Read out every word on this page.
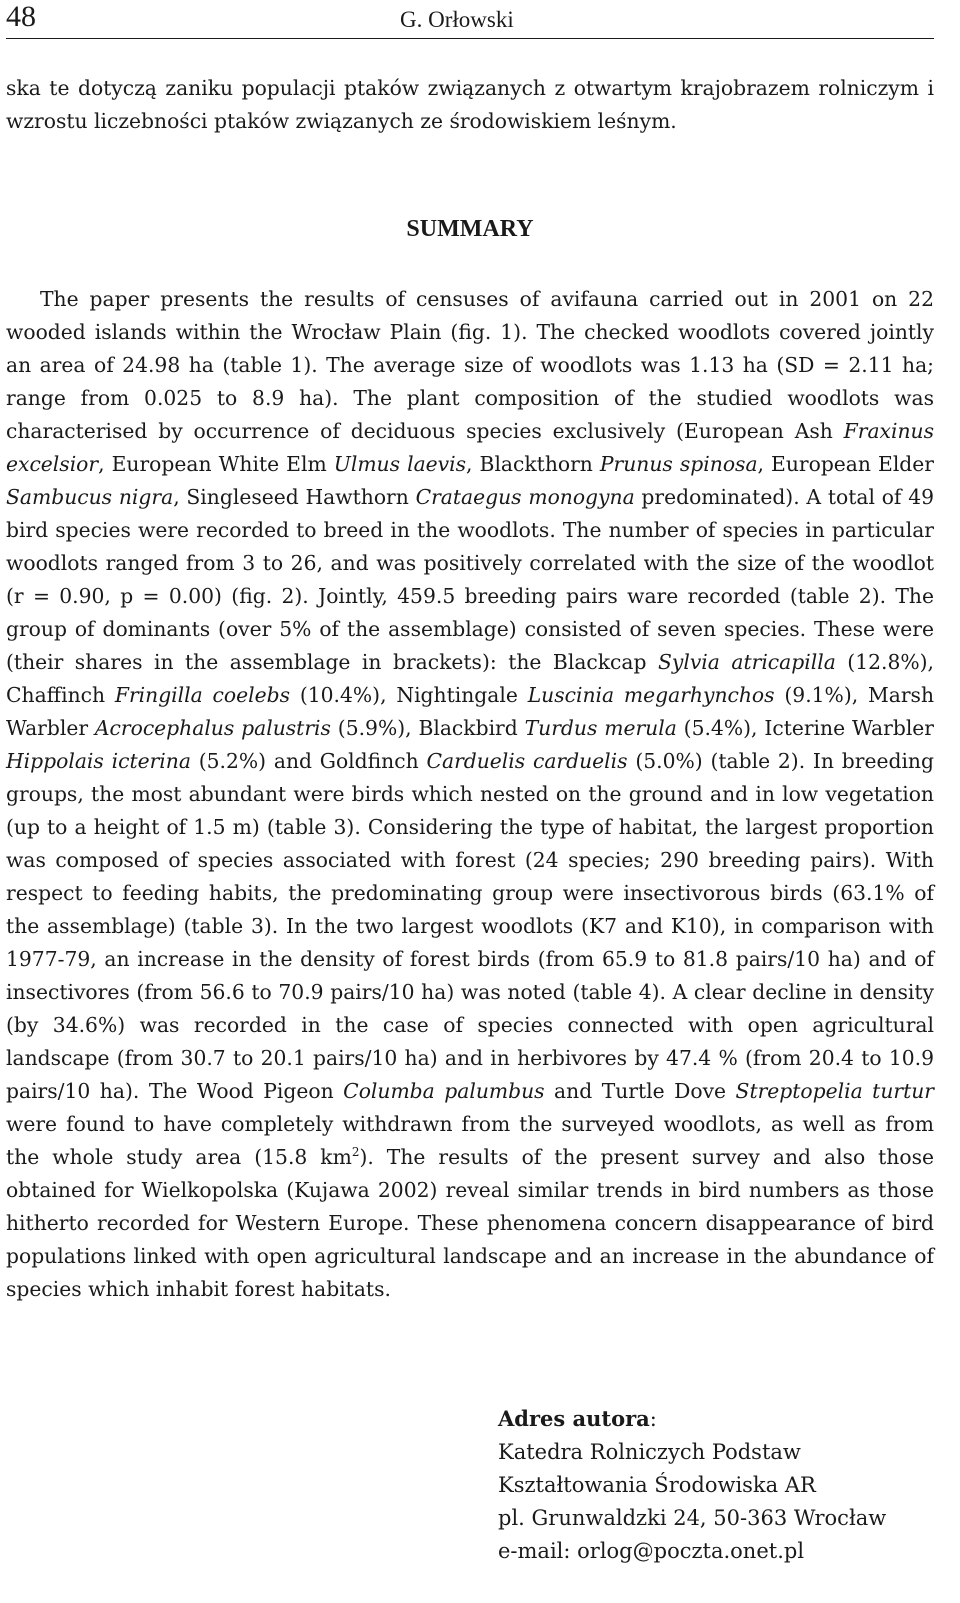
48	G. Orłowski

ska te dotyczą zaniku populacji ptaków związanych z otwartym krajobrazem rolniczym i wzrostu liczebności ptaków związanych ze środowiskiem leśnym.

SUMMARY

The paper presents the results of censuses of avifauna carried out in 2001 on 22 wooded islands within the Wrocław Plain (fig. 1). The checked woodlots covered jointly an area of 24.98 ha (table 1). The average size of woodlots was 1.13 ha (SD = 2.11 ha; range from 0.025 to 8.9 ha). The plant composition of the studied woodlots was characterised by occurrence of deciduous species exclusively (European Ash Fraxinus excelsior, European White Elm Ulmus laevis, Blackthorn Prunus spinosa, European Elder Sambucus nigra, Singleseed Hawthorn Crataegus monogyna predominated). A total of 49 bird species were recorded to breed in the woodlots. The number of species in particular woodlots ranged from 3 to 26, and was positively correlated with the size of the woodlot (r = 0.90, p = 0.00) (fig. 2). Jointly, 459.5 breeding pairs ware recorded (table 2). The group of dominants (over 5% of the assemblage) consisted of seven species. These were (their shares in the assemblage in brackets): the Blackcap Sylvia atricapilla (12.8%), Chaffinch Fringilla coelebs (10.4%), Nightingale Luscinia megarhynchos (9.1%), Marsh Warbler Acrocephalus palustris (5.9%), Blackbird Turdus merula (5.4%), Icterine Warbler Hippolais icterina (5.2%) and Goldfinch Carduelis carduelis (5.0%) (table 2). In breeding groups, the most abundant were birds which nested on the ground and in low vegetation (up to a height of 1.5 m) (table 3). Considering the type of habitat, the largest proportion was composed of species associated with forest (24 species; 290 breeding pairs). With respect to feeding habits, the predominating group were insectivorous birds (63.1% of the assemblage) (table 3). In the two largest woodlots (K7 and K10), in comparison with 1977-79, an increase in the density of forest birds (from 65.9 to 81.8 pairs/10 ha) and of insectivores (from 56.6 to 70.9 pairs/10 ha) was noted (table 4). A clear decline in density (by 34.6%) was recorded in the case of species connected with open agricultural landscape (from 30.7 to 20.1 pairs/10 ha) and in herbivores by 47.4 % (from 20.4 to 10.9 pairs/10 ha). The Wood Pigeon Columba palumbus and Turtle Dove Streptopelia turtur were found to have completely withdrawn from the surveyed woodlots, as well as from the whole study area (15.8 $km^2$). The results of the present survey and also those obtained for Wielkopolska (Kujawa 2002) reveal similar trends in bird numbers as those hitherto recorded for Western Europe. These phenomena concern disappearance of bird populations linked with open agricultural landscape and an increase in the abundance of species which inhabit forest habitats.

Adres autora:
Katedra Rolniczych Podstaw
Kształtowania Środowiska AR
pl. Grunwaldzki 24, 50-363 Wrocław
e-mail: orlog@poczta.onet.pl
